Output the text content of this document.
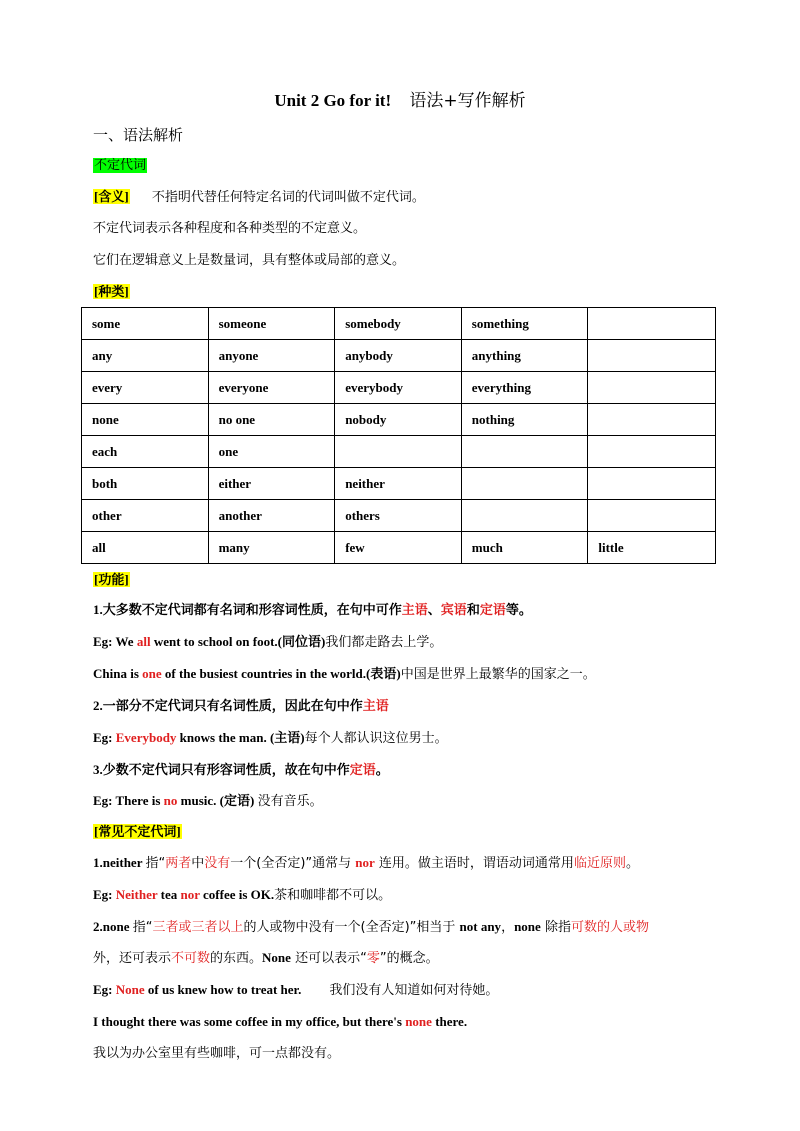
Unit 2 Go for it! 语法+写作解析
一、语法解析
不定代词
[含义] 不指明代替任何特定名词的代词叫做不定代词。
不定代词表示各种程度和各种类型的不定意义。
它们在逻辑意义上是数量词，具有整体或局部的意义。
[种类]
some	someone	somebody	something	
any	anyone	anybody	anything	
every	everyone	everybody	everything	
none	no one	nobody	nothing	
each	one			
both	either	neither		
other	another	others		
all	many	few	much	little
[功能]
1.大多数不定代词都有名词和形容词性质，在句中可作主语、宾语和定语等。
Eg: We all went to school on foot.(同位语)我们都走路去上学。
China is one of the busiest countries in the world.(表语)中国是世界上最繁华的国家之一。
2.一部分不定代词只有名词性质，因此在句中作主语
Eg: Everybody knows the man. (主语)每个人都认识这位男士。
3.少数不定代词只有形容词性质，故在句中作定语。
Eg: There is no music. (定语) 没有音乐。
[常见不定代词]
1.neither 指“两者中没有一个(全否定)”通常与 nor 连用。做主语时，谓语动词通常用临近原则。
Eg: Neither tea nor coffee is OK.茶和咖啡都不可以。
2.none 指“三者或三者以上的人或物中没有一个(全否定)”相当于 not any，none 除指可数的人或物
外，还可表示不可数的东西。None 还可以表示“零”的概念。
Eg: None of us knew how to treat her. 我们没有人知道如何对待她。
I thought there was some coffee in my office, but there's none there.
我以为办公室里有些咖啡，可一点都没有。
